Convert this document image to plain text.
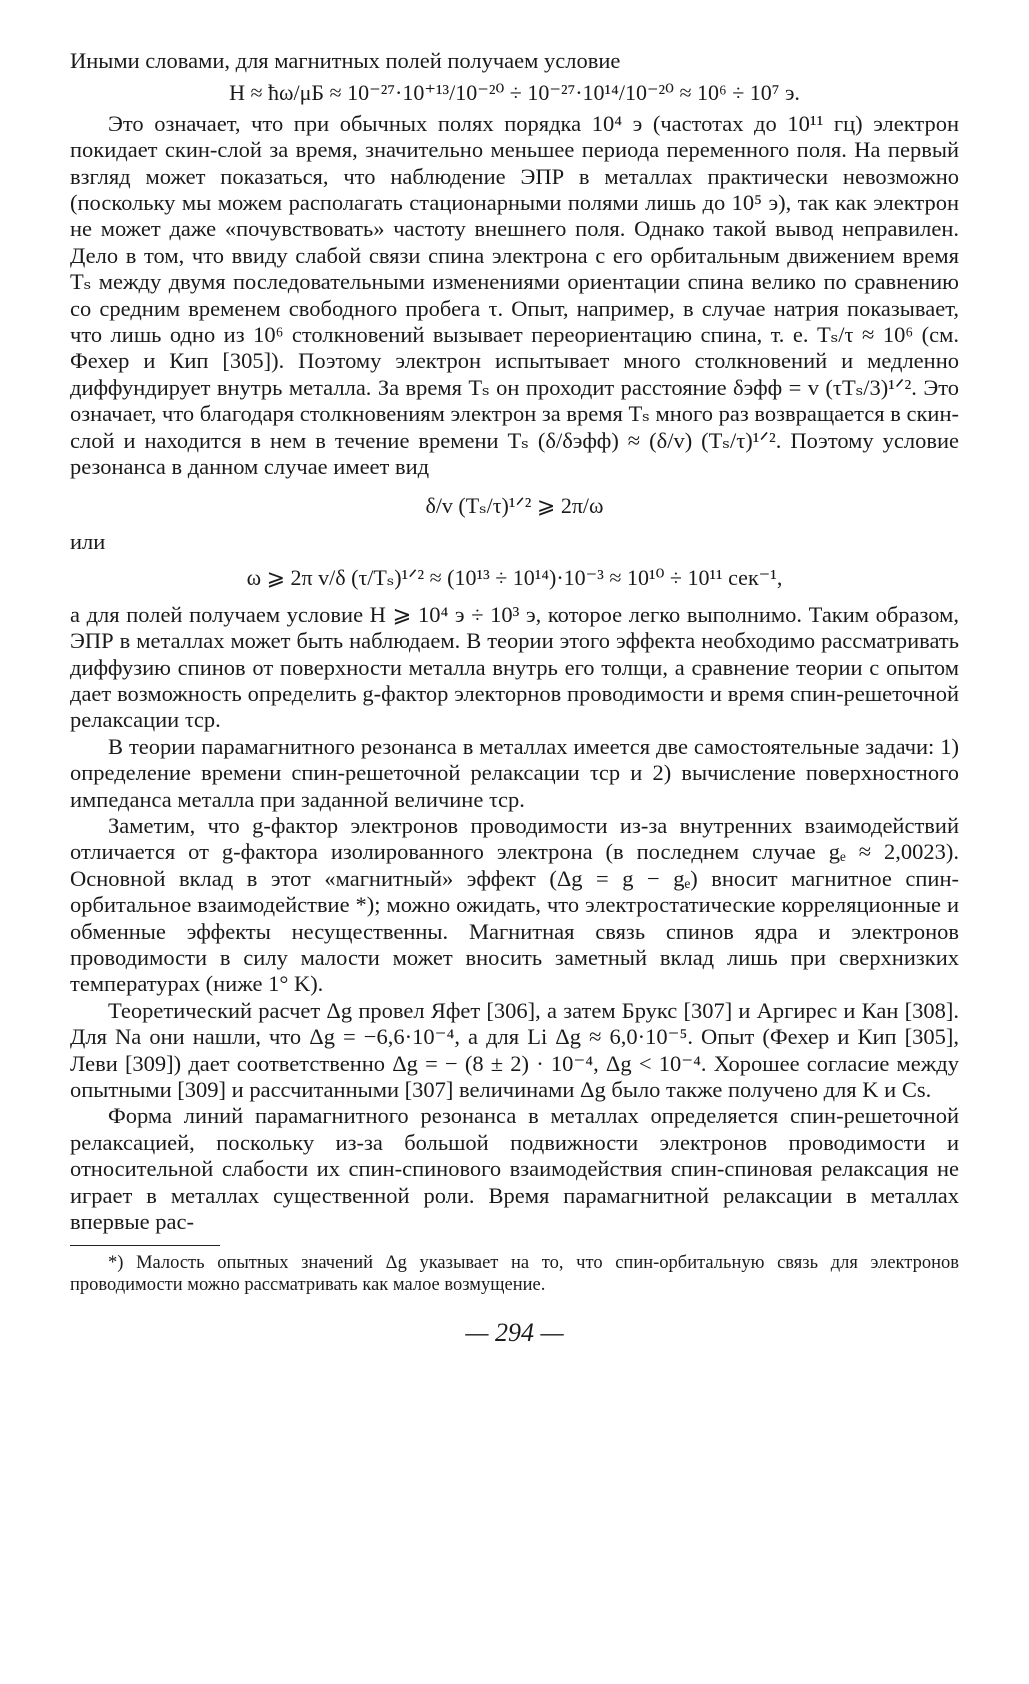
Иными словами, для магнитных полей получаем условие

H ≈ ħω/μБ ≈ 10⁻²⁷·10⁺¹³/10⁻²⁰ ÷ 10⁻²⁷·10¹⁴/10⁻²⁰ ≈ 10⁶ ÷ 10⁷ э.

Это означает, что при обычных полях порядка 10⁴ э (частотах до 10¹¹ гц) электрон покидает скин-слой за время, значительно меньшее периода переменного поля. На первый взгляд может показаться, что наблюдение ЭПР в металлах практически невозможно (поскольку мы можем располагать стационарными полями лишь до 10⁵ э), так как электрон не может даже «почувствовать» частоту внешнего поля. Однако такой вывод неправилен. Дело в том, что ввиду слабой связи спина электрона с его орбитальным движением время Tₛ между двумя последовательными изменениями ориентации спина велико по сравнению со средним временем свободного пробега τ. Опыт, например, в случае натрия показывает, что лишь одно из 10⁶ столкновений вызывает переориентацию спина, т. е. Tₛ/τ ≈ 10⁶ (см. Фехер и Кип [305]). Поэтому электрон испытывает много столкновений и медленно диффундирует внутрь металла. За время Tₛ он проходит расстояние δэфф = v (τTₛ/3)¹ᐟ². Это означает, что благодаря столкновениям электрон за время Tₛ много раз возвращается в скин-слой и находится в нем в течение времени Tₛ (δ/δэфф) ≈ (δ/v) (Tₛ/τ)¹ᐟ². Поэтому условие резонанса в данном случае имеет вид

δ/v (Tₛ/τ)¹ᐟ² ⩾ 2π/ω

или

ω ⩾ 2π v/δ (τ/Tₛ)¹ᐟ² ≈ (10¹³ ÷ 10¹⁴)·10⁻³ ≈ 10¹⁰ ÷ 10¹¹ сек⁻¹,

а для полей получаем условие H ⩾ 10⁴ э ÷ 10³ э, которое легко выполнимо. Таким образом, ЭПР в металлах может быть наблюдаем. В теории этого эффекта необходимо рассматривать диффузию спинов от поверхности металла внутрь его толщи, а сравнение теории с опытом дает возможность определить g-фактор электорнов проводимости и время спин-решеточной релаксации τср.

В теории парамагнитного резонанса в металлах имеется две самостоятельные задачи: 1) определение времени спин-решеточной релаксации τср и 2) вычисление поверхностного импеданса металла при заданной величине τср.

Заметим, что g-фактор электронов проводимости из-за внутренних взаимодействий отличается от g-фактора изолированного электрона (в последнем случае gₑ ≈ 2,0023). Основной вклад в этот «магнитный» эффект (Δg = g − gₑ) вносит магнитное спин-орбитальное взаимодействие *); можно ожидать, что электростатические корреляционные и обменные эффекты несущественны. Магнитная связь спинов ядра и электронов проводимости в силу малости может вносить заметный вклад лишь при сверхнизких температурах (ниже 1° K).

Теоретический расчет Δg провел Яфет [306], а затем Брукс [307] и Аргирес и Кан [308]. Для Na они нашли, что Δg = −6,6·10⁻⁴, а для Li Δg ≈ 6,0·10⁻⁵. Опыт (Фехер и Кип [305], Леви [309]) дает соответственно Δg = − (8 ± 2) · 10⁻⁴, Δg < 10⁻⁴. Хорошее согласие между опытными [309] и рассчитанными [307] величинами Δg было также получено для K и Cs.

Форма линий парамагнитного резонанса в металлах определяется спин-решеточной релаксацией, поскольку из-за большой подвижности электронов проводимости и относительной слабости их спин-спинового взаимодействия спин-спиновая релаксация не играет в металлах существенной роли. Время парамагнитной релаксации в металлах впервые рас-

*) Малость опытных значений Δg указывает на то, что спин-орбитальную связь для электронов проводимости можно рассматривать как малое возмущение.

— 294 —
